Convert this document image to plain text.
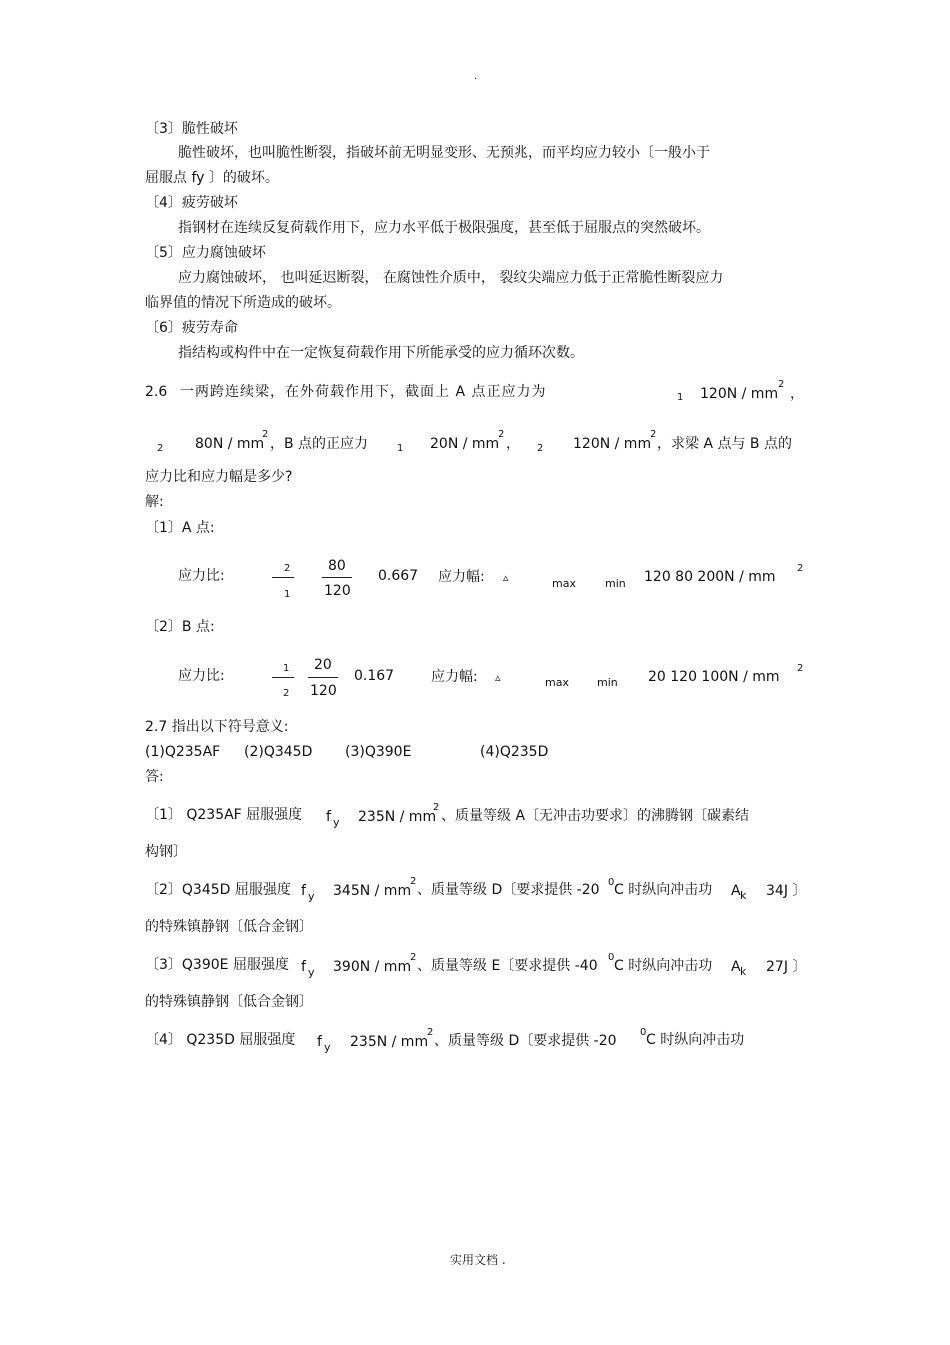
.
〔3〕脆性破坏
脆性破坏，也叫脆性断裂，指破坏前无明显变形、无预兆，而平均应力较小〔一般小于
屈服点 fy 〕的破坏。
〔4〕疲劳破坏
指钢材在连续反复荷载作用下，应力水平低于极限强度，甚至低于屈服点的突然破坏。
〔5〕应力腐蚀破坏
应力腐蚀破坏， 也叫延迟断裂， 在腐蚀性介质中， 裂纹尖端应力低于正常脆性断裂应力
临界值的情况下所造成的破坏。
〔6〕疲劳寿命
指结构或构件中在一定恢复荷载作用下所能承受的应力循环次数。
2.6 一两跨连续梁，在外荷载作用下，截面上 A 点正应力为	1 120N / mm
2
，
2 80N / mm
2
，B 点的正应力	1 20N / mm
2
， 2 120N / mm
2
，求梁 A 点与 B 点的
应力比和应力幅是多少?
解:
〔1〕A 点:
应力比:	2
1
80
120
0.667 应力幅: ▵	max	min 120 80 200N / mm
2
〔2〕B 点:
应力比:	1
2
20
120
0.167	应力幅: ▵	max	min 20 120 100N / mm
2
2.7 指出以下符号意义:
(1)Q235AF (2)Q345D (3)Q390E	(4)Q235D
答:
〔1〕 Q235AF 屈服强度 f y 235N / mm
2
、质量等级 A〔无冲击功要求〕的沸腾钢〔碳素结
构钢〕
〔2〕Q345D 屈服强度 f y 345N / mm
2
、质量等级 D〔要求提供 -20 0 C 时纵向冲击功 A k 34J 〕
的特殊镇静钢〔低合金钢〕
〔3〕Q390E 屈服强度 f y 390N / mm
2
、质量等级 E〔要求提供 -40
0
C 时纵向冲击功 A k 27J 〕
的特殊镇静钢〔低合金钢〕
〔4〕 Q235D 屈服强度 f y 235N / mm
2
、质量等级 D〔要求提供 -20
0 C 时纵向冲击功
实用文档 .
